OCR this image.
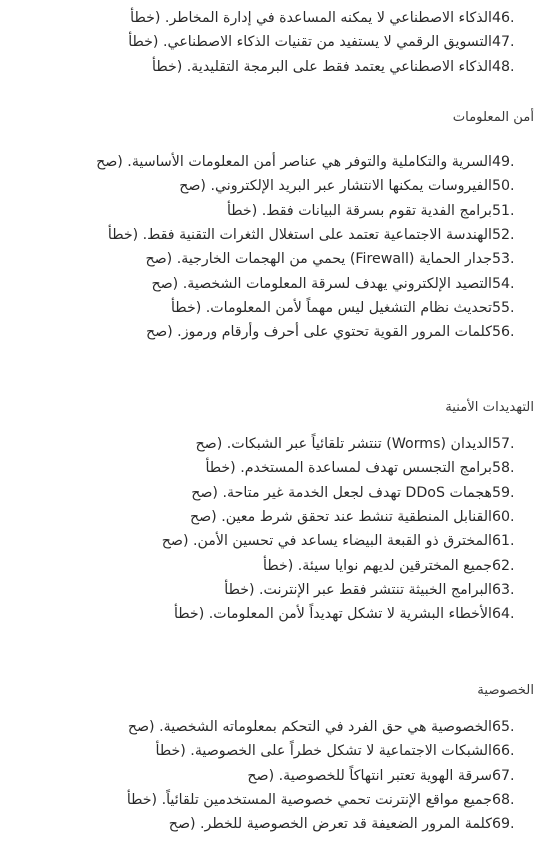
46.الذكاء الاصطناعي لا يمكنه المساعدة في إدارة المخاطر. (خطأ
47.التسويق الرقمي لا يستفيد من تقنيات الذكاء الاصطناعي. (خطأ
48.الذكاء الاصطناعي يعتمد فقط على البرمجة التقليدية. (خطأ
أمن المعلومات
49.السرية والتكاملية والتوفر هي عناصر أمن المعلومات الأساسية. (صح
50.الفيروسات يمكنها الانتشار عبر البريد الإلكتروني. (صح
51.برامج الفدية تقوم بسرقة البيانات فقط. (خطأ
52.الهندسة الاجتماعية تعتمد على استغلال الثغرات التقنية فقط. (خطأ
53.جدار الحماية (Firewall) يحمي من الهجمات الخارجية. (صح
54.التصيد الإلكتروني يهدف لسرقة المعلومات الشخصية. (صح
55.تحديث نظام التشغيل ليس مهماً لأمن المعلومات. (خطأ
56.كلمات المرور القوية تحتوي على أحرف وأرقام ورموز. (صح
التهديدات الأمنية
57.الديدان (Worms) تنتشر تلقائياً عبر الشبكات. (صح
58.برامج التجسس تهدف لمساعدة المستخدم. (خطأ
59.هجمات DDoS تهدف لجعل الخدمة غير متاحة. (صح
60.القنابل المنطقية تنشط عند تحقق شرط معين. (صح
61.المخترق ذو القبعة البيضاء يساعد في تحسين الأمن. (صح
62.جميع المخترقين لديهم نوايا سيئة. (خطأ
63.البرامج الخبيثة تنتشر فقط عبر الإنترنت. (خطأ
64.الأخطاء البشرية لا تشكل تهديداً لأمن المعلومات. (خطأ
الخصوصية
65.الخصوصية هي حق الفرد في التحكم بمعلوماته الشخصية. (صح
66.الشبكات الاجتماعية لا تشكل خطراً على الخصوصية. (خطأ
67.سرقة الهوية تعتبر انتهاكاً للخصوصية. (صح
68.جميع مواقع الإنترنت تحمي خصوصية المستخدمين تلقائياً. (خطأ
69.كلمة المرور الضعيفة قد تعرض الخصوصية للخطر. (صح
